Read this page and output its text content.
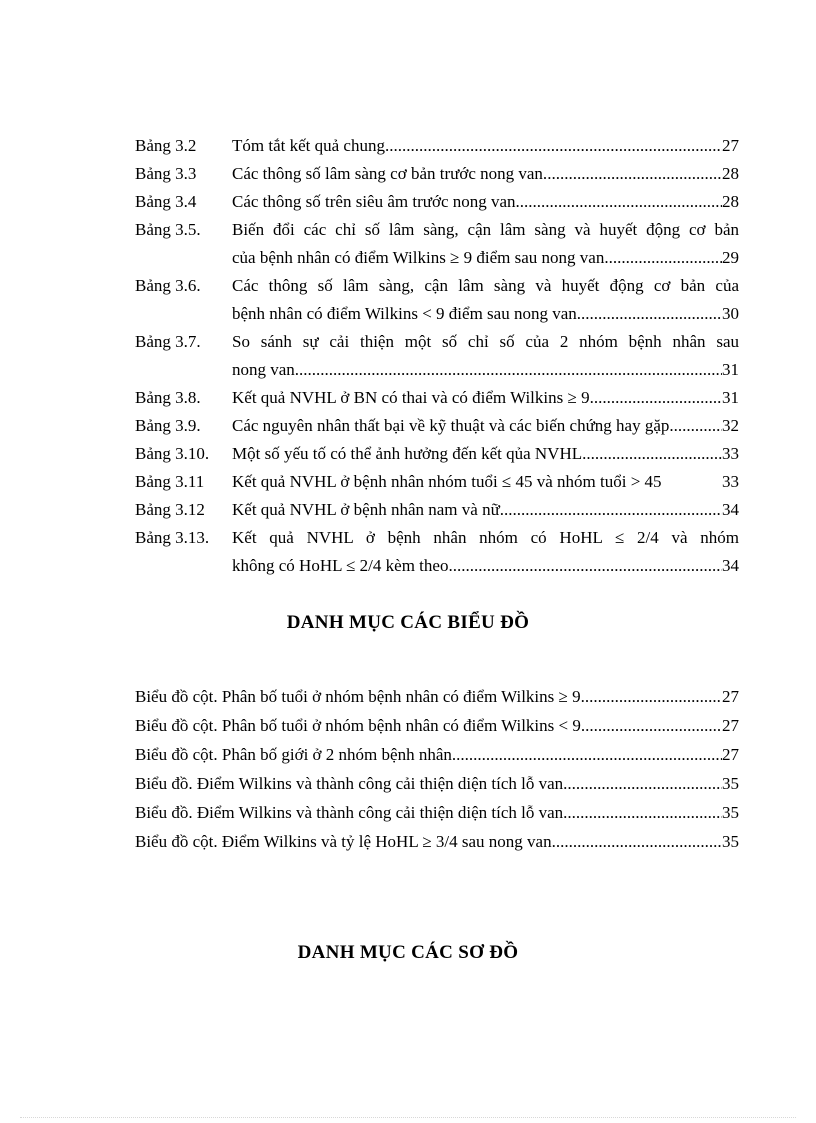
Bảng 3.2	Tóm tắt kết quả chung .....	27
Bảng 3.3	Các thông số lâm sàng cơ bản trước nong van. .....	28
Bảng 3.4	Các thông số trên siêu âm trước nong van. .....	28
Bảng 3.5.	Biến đổi các chỉ số lâm sàng, cận lâm sàng và huyết động cơ bản
của bệnh nhân có điểm Wilkins ≥ 9 điểm sau nong van. .....	29
Bảng 3.6.	Các thông số lâm sàng, cận lâm sàng và huyết động cơ bản của
bệnh nhân có điểm Wilkins < 9 điểm sau nong van .....	30
Bảng 3.7.	So sánh sự cải thiện một số chỉ số của 2 nhóm bệnh nhân sau
nong van. .....	31
Bảng 3.8.	Kết quả NVHL ở BN có thai và có điểm Wilkins ≥ 9. .....	31
Bảng 3.9.	Các nguyên nhân thất bại về kỹ thuật và các biến chứng hay gặp .....	32
Bảng 3.10.	Một số yếu tố có thể ảnh hưởng đến kết qủa NVHL. .....	33
Bảng 3.11	Kết quả NVHL ở bệnh nhân nhóm tuổi ≤ 45 và nhóm tuổi > 45	33
Bảng 3.12	Kết quả NVHL ở bệnh nhân nam và nữ .....	34
Bảng 3.13.	Kết quả NVHL ở bệnh nhân nhóm có HoHL ≤ 2/4 và nhóm
không có HoHL ≤ 2/4 kèm theo .....	34
DANH MỤC CÁC BIỂU ĐỒ
Biểu đồ cột. Phân bố tuổi ở nhóm bệnh nhân có điểm Wilkins ≥ 9. .....	27
Biểu đồ cột. Phân bố tuổi ở nhóm bệnh nhân có điểm Wilkins < 9. .....	27
Biểu đồ cột. Phân bố giới ở 2 nhóm bệnh nhân. .....	27
Biểu đồ. Điểm Wilkins và thành công cải thiện diện tích lỗ van. .....	35
Biểu đồ. Điểm Wilkins và thành công cải thiện diện tích lỗ van. .....	35
Biểu đồ cột. Điểm Wilkins và tỷ lệ HoHL ≥ 3/4 sau nong van. .....	35
DANH MỤC CÁC SƠ ĐỒ
